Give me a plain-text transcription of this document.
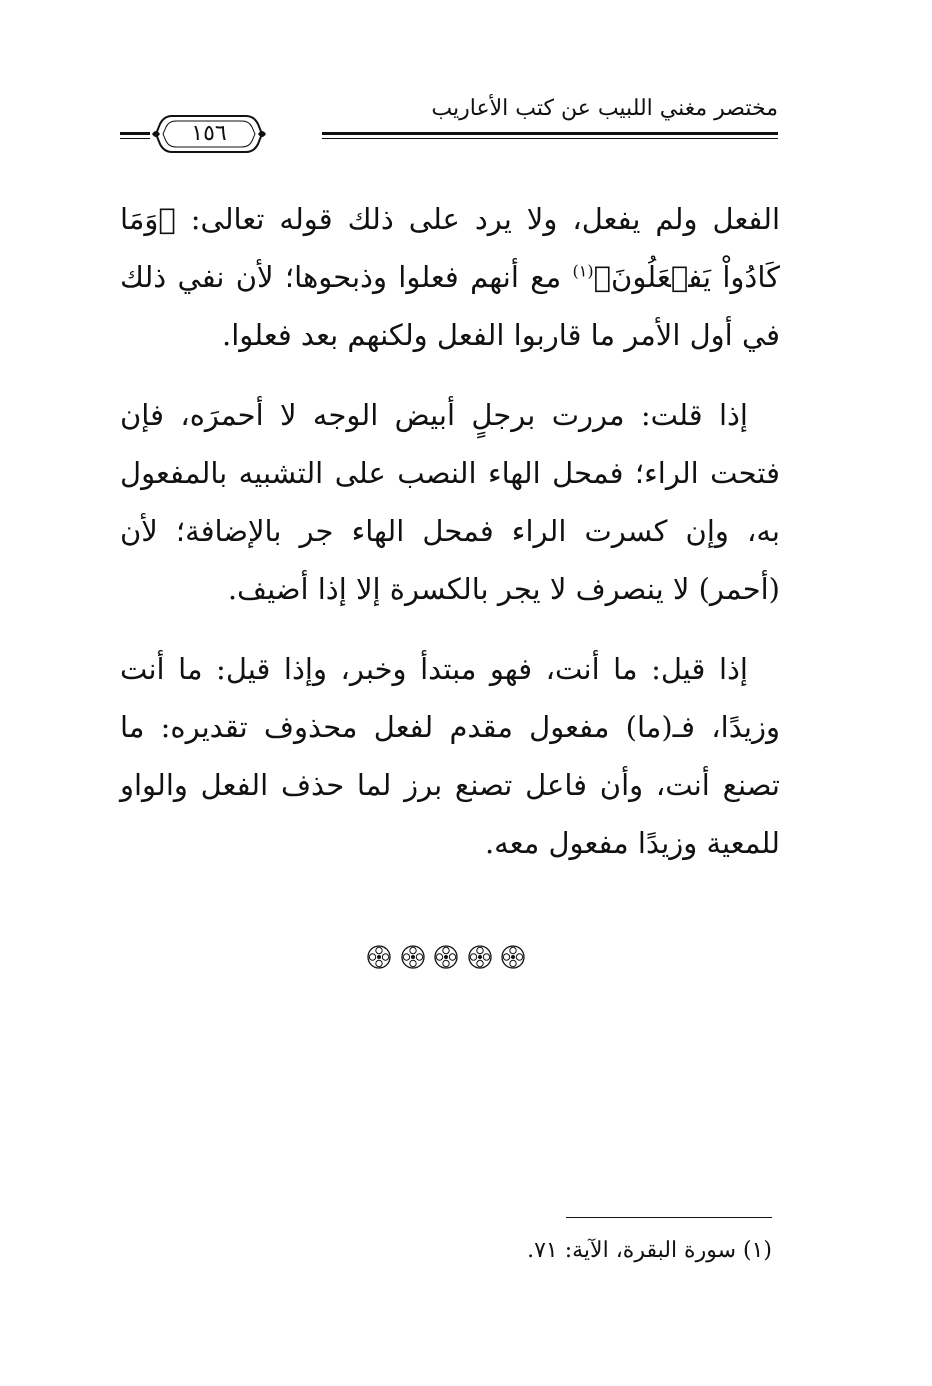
١٥٦
مختصر مغني اللبيب عن كتب الأعاريب

الفعل ولم يفعل، ولا يرد على ذلك قوله تعالى: ﴿وَمَا كَادُواْ يَفۡعَلُونَ﴾$^{(١)}$ مع أنهم فعلوا وذبحوها؛ لأن نفي ذلك في أول الأمر ما قاربوا الفعل ولكنهم بعد فعلوا.

إذا قلت: مررت برجلٍ أبيض الوجه لا أحمرَه، فإن فتحت الراء؛ فمحل الهاء النصب على التشبيه بالمفعول به، وإن كسرت الراء فمحل الهاء جر بالإضافة؛ لأن (أحمر) لا ينصرف لا يجر بالكسرة إلا إذا أضيف.

إذا قيل: ما أنت، فهو مبتدأ وخبر، وإذا قيل: ما أنت وزيدًا، فـ(ما) مفعول مقدم لفعل محذوف تقديره: ما تصنع أنت، وأن فاعل تصنع برز لما حذف الفعل والواو للمعية وزيدًا مفعول معه.

(١) سورة البقرة، الآية: ٧١.
